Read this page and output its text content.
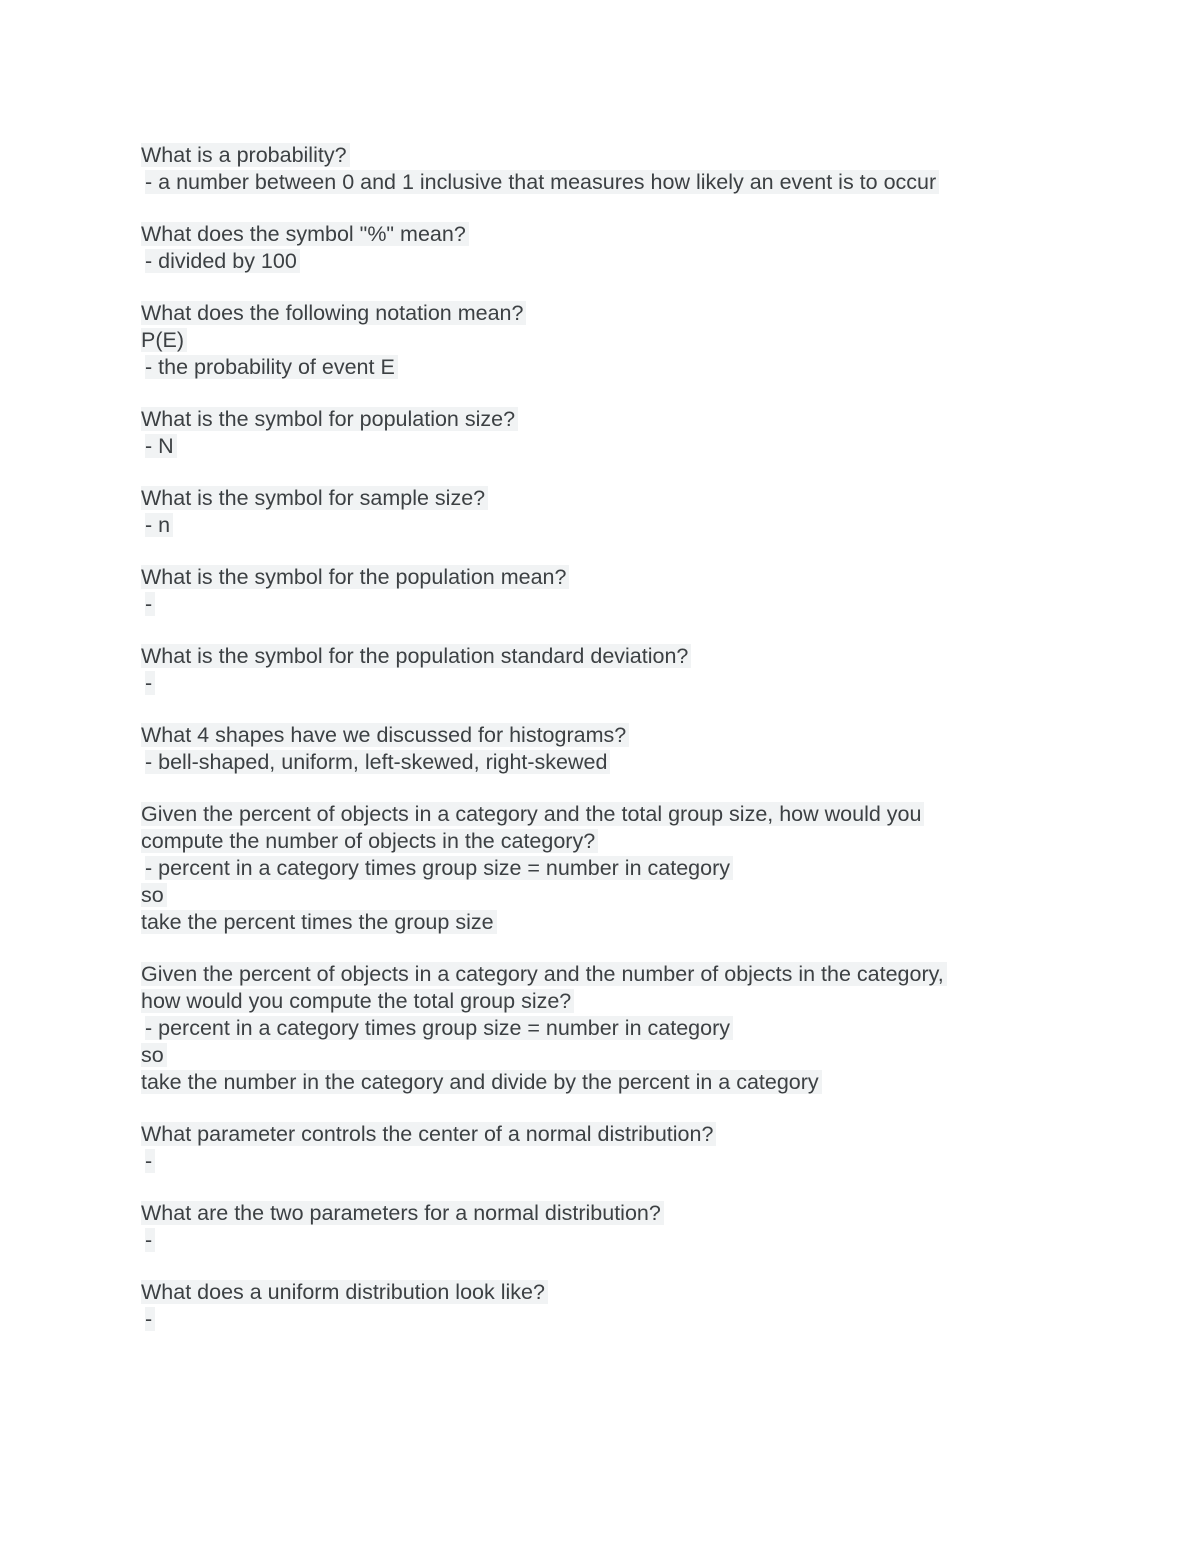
What is a probability?
- a number between 0 and 1 inclusive that measures how likely an event is to occur
What does the symbol "%" mean?
- divided by 100
What does the following notation mean?
P(E)
- the probability of event E
What is the symbol for population size?
- N
What is the symbol for sample size?
- n
What is the symbol for the population mean?
-
What is the symbol for the population standard deviation?
-
What 4 shapes have we discussed for histograms?
- bell-shaped, uniform, left-skewed, right-skewed
Given the percent of objects in a category and the total group size, how would you
compute the number of objects in the category?
- percent in a category times group size = number in category
so
take the percent times the group size
Given the percent of objects in a category and the number of objects in the category,
how would you compute the total group size?
- percent in a category times group size = number in category
so
take the number in the category and divide by the percent in a category
What parameter controls the center of a normal distribution?
-
What are the two parameters for a normal distribution?
-
What does a uniform distribution look like?
-
